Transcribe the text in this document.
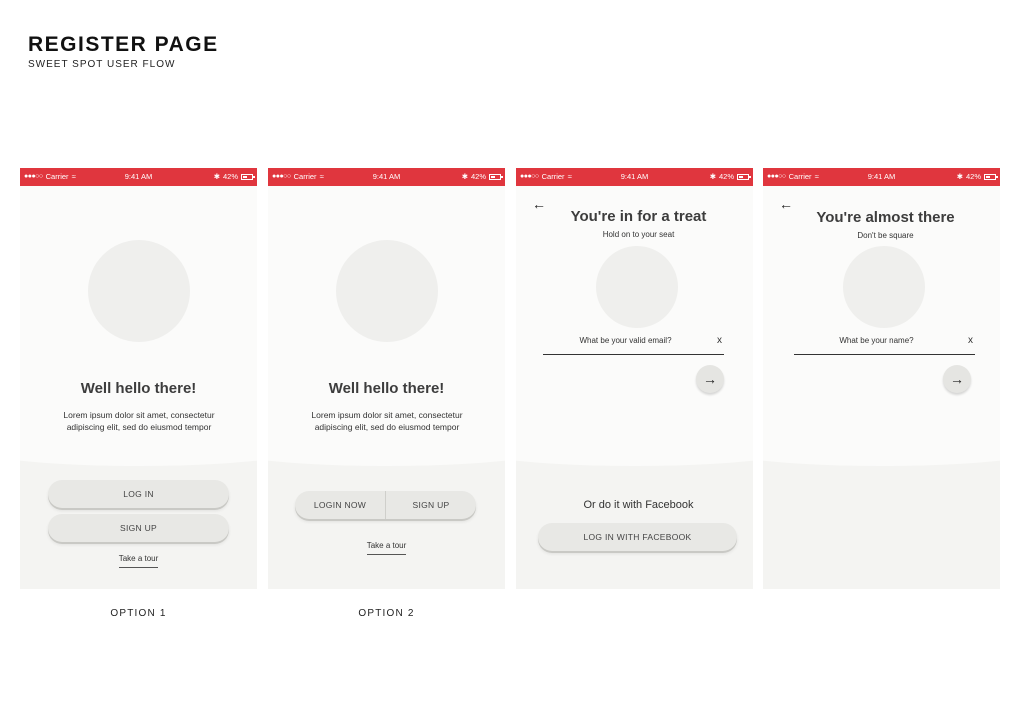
REGISTER PAGE
SWEET SPOT USER FLOW
●●●○○ Carrier ≈	9:41 AM	✱ 42%
Well hello there!
Lorem ipsum dolor sit amet, consectetur adipiscing elit, sed do eiusmod tempor
LOG IN
SIGN UP
Take a tour
OPTION 1
●●●○○ Carrier ≈	9:41 AM	✱ 42%
Well hello there!
Lorem ipsum dolor sit amet, consectetur adipiscing elit, sed do eiusmod tempor
LOGIN NOW	SIGN UP
Take a tour
OPTION 2
●●●○○ Carrier ≈	9:41 AM	✱ 42%
←
You're in for a treat
Hold on to your seat
What be your valid email?
x
→
Or do it with Facebook
LOG IN WITH FACEBOOK
●●●○○ Carrier ≈	9:41 AM	✱ 42%
←
You're almost there
Don't be square
What be your name?
x
→
